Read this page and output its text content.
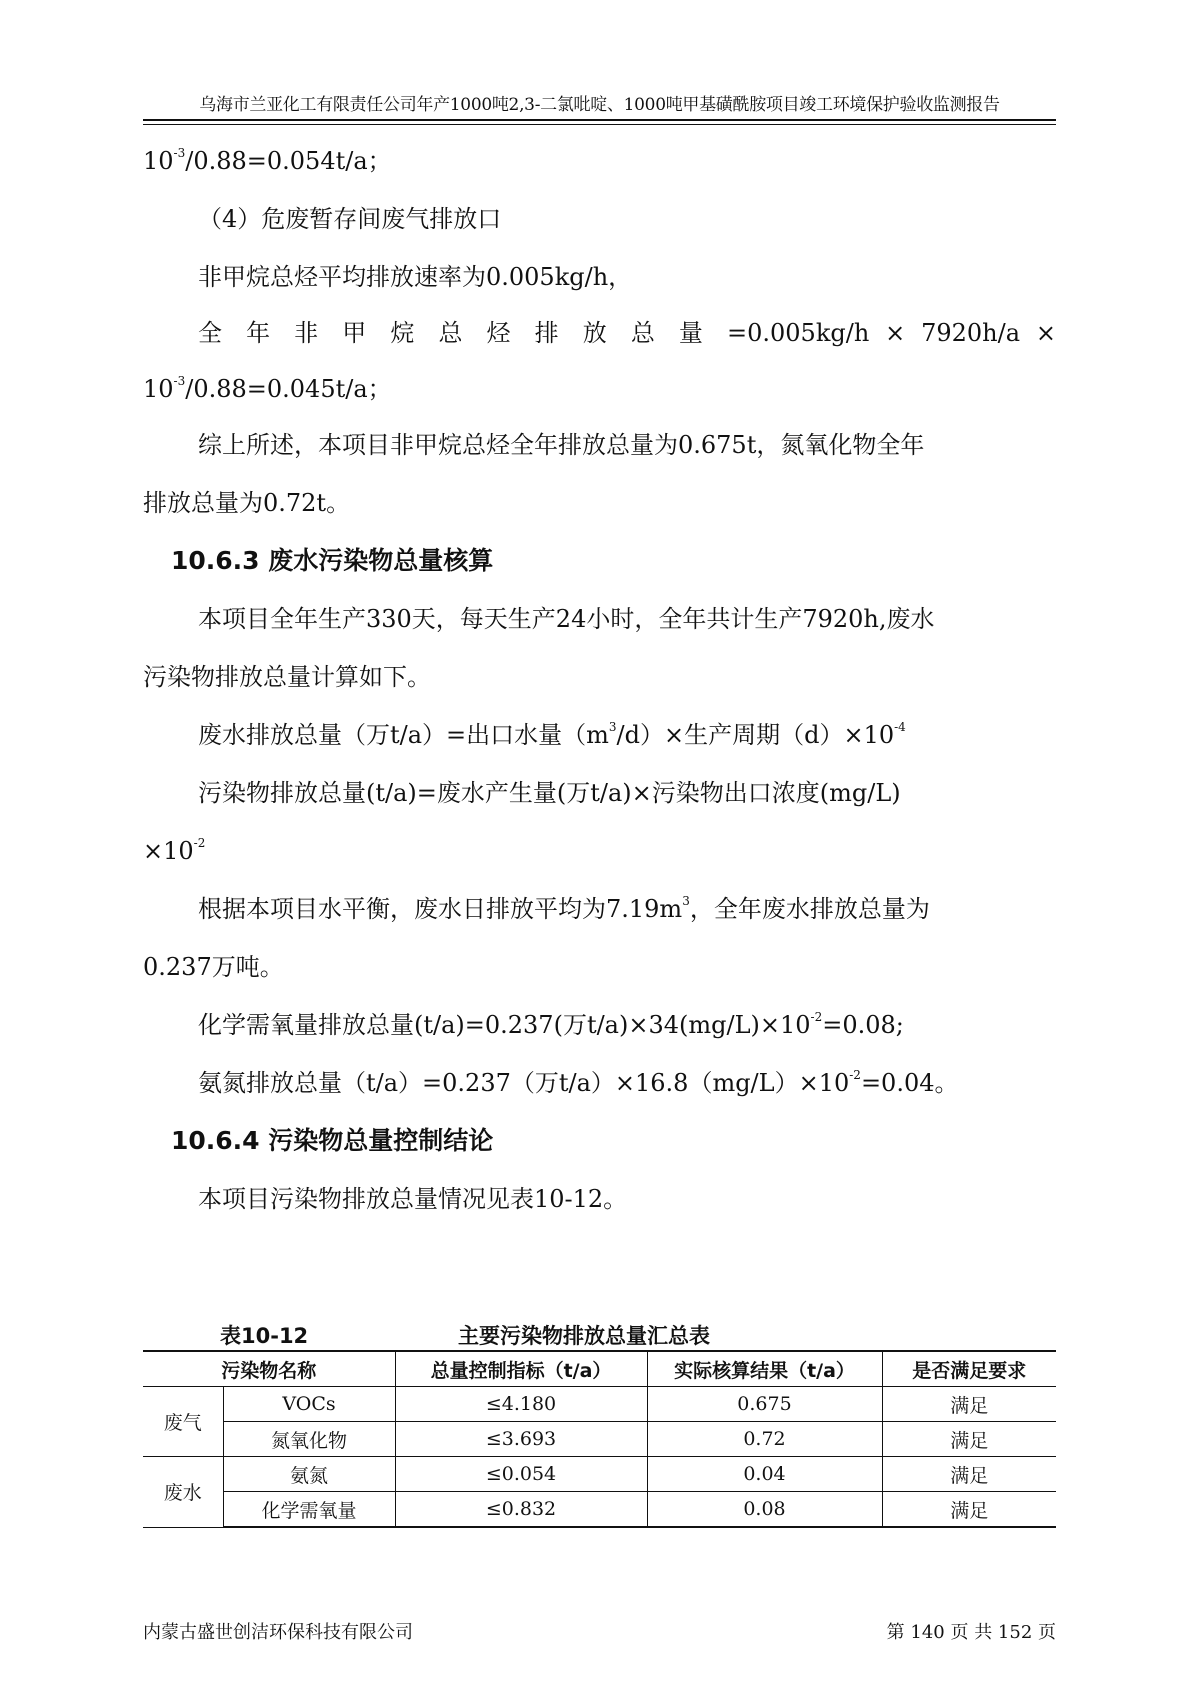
乌海市兰亚化工有限责任公司年产1000吨2,3-二氯吡啶、1000吨甲基磺酰胺项目竣工环境保护验收监测报告
$10^{-3}/0.88=0.054t/a$；
（4）危废暂存间废气排放口
非甲烷总烃平均排放速率为0.005kg/h，
全 年 非 甲 烷 总 烃 排 放 总 量 =0.005kg/h × 7920h/a ×
$10^{-3}/0.88=0.045t/a$；
综上所述，本项目非甲烷总烃全年排放总量为0.675t，氮氧化物全年
排放总量为0.72t。
10.6.3 废水污染物总量核算
本项目全年生产330天，每天生产24小时，全年共计生产7920h,废水
污染物排放总量计算如下。
废水排放总量（万t/a）=出口水量$(m^3/d)\times$生产周期$(d)\times 10^{-4}$
污染物排放总量(t/a)=废水产生量(万t/a)×污染物出口浓度(mg/L)
$\times 10^{-2}$
根据本项目水平衡，废水日排放平均为$7.19m^3$，全年废水排放总量为
0.237万吨。
化学需氧量排放总量(t/a)=0.237(万$t/a)\times 34(mg/L)\times 10^{-2}=0.08$;
氨氮排放总量（t/a）=0.237（万$t/a)\times 16.8(mg/L)\times 10^{-2}=0.04$。
10.6.4 污染物总量控制结论
本项目污染物排放总量情况见表10-12。
表10-12	主要污染物排放总量汇总表
污染物名称		总量控制指标（t/a）	实际核算结果（t/a）	是否满足要求
废气	VOCs	≤4.180	0.675	满足
	氮氧化物	≤3.693	0.72	满足
废水	氨氮	≤0.054	0.04	满足
	化学需氧量	≤0.832	0.08	满足
内蒙古盛世创洁环保科技有限公司	第 140 页 共 152 页
